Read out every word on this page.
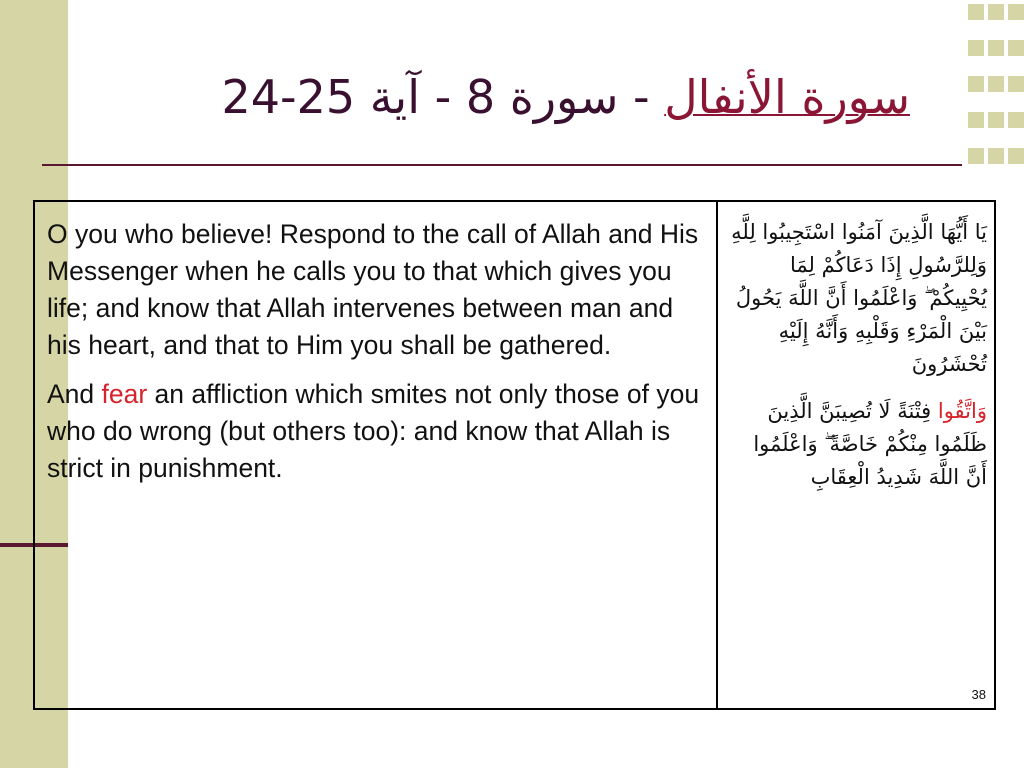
سورة الأنفال - سورة 8 - آية 24-25

O you who believe! Respond to the call of Allah and His Messenger when he calls you to that which gives you life; and know that Allah intervenes between man and his heart, and that to Him you shall be gathered.

And fear an affliction which smites not only those of you who do wrong (but others too): and know that Allah is strict in punishment.

يَا أَيُّهَا الَّذِينَ آمَنُوا اسْتَجِيبُوا لِلَّهِ وَلِلرَّسُولِ إِذَا دَعَاكُمْ لِمَا يُحْيِيكُمْ ۖ وَاعْلَمُوا أَنَّ اللَّهَ يَحُولُ بَيْنَ الْمَرْءِ وَقَلْبِهِ وَأَنَّهُ إِلَيْهِ تُحْشَرُونَ

وَاتَّقُوا فِتْنَةً لَا تُصِيبَنَّ الَّذِينَ ظَلَمُوا مِنْكُمْ خَاصَّةً ۖ وَاعْلَمُوا أَنَّ اللَّهَ شَدِيدُ الْعِقَابِ

38
